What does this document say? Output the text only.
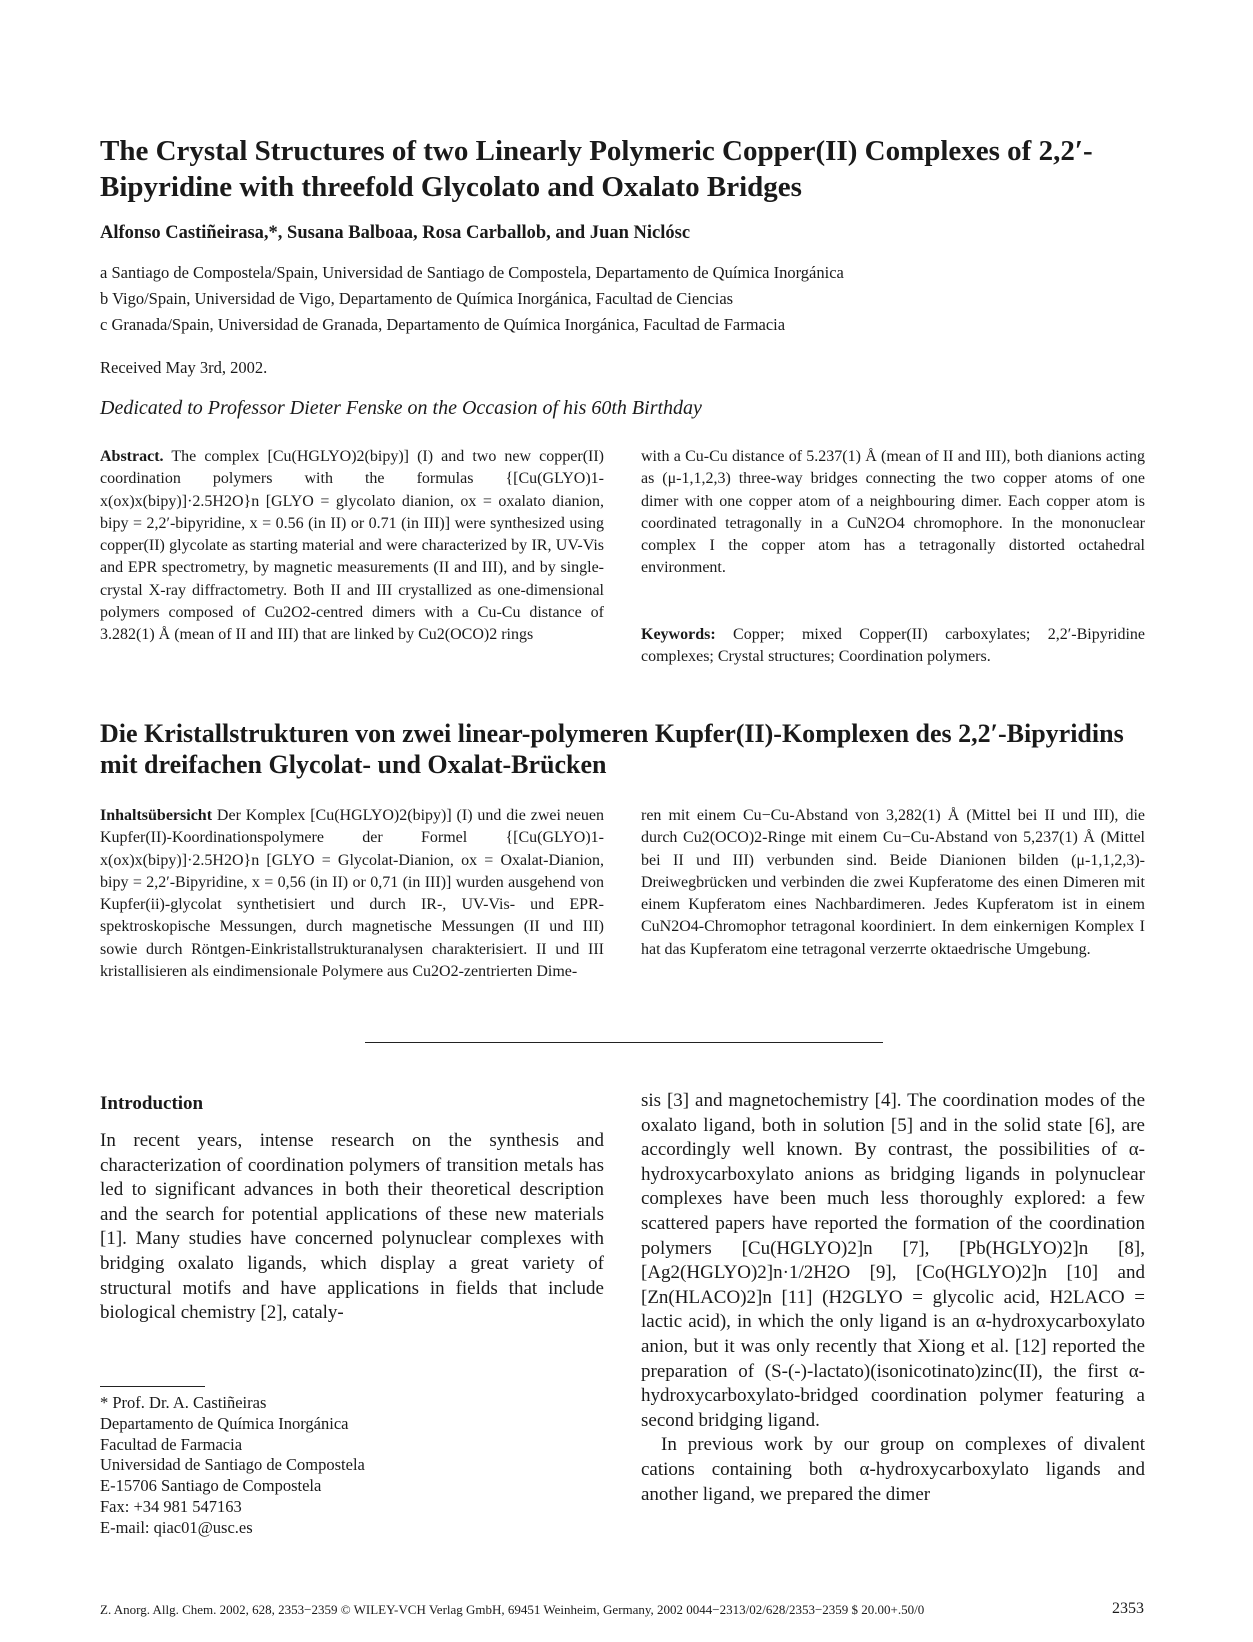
The Crystal Structures of two Linearly Polymeric Copper(II) Complexes of 2,2′-Bipyridine with threefold Glycolato and Oxalato Bridges
Alfonso Castiñeirasa,*, Susana Balboaa, Rosa Carballob, and Juan Niclósc
a Santiago de Compostela/Spain, Universidad de Santiago de Compostela, Departamento de Química Inorgánica
b Vigo/Spain, Universidad de Vigo, Departamento de Química Inorgánica, Facultad de Ciencias
c Granada/Spain, Universidad de Granada, Departamento de Química Inorgánica, Facultad de Farmacia
Received May 3rd, 2002.
Dedicated to Professor Dieter Fenske on the Occasion of his 60th Birthday
Abstract. The complex [Cu(HGLYO)2(bipy)] (I) and two new copper(II) coordination polymers with the formulas {[Cu(GLYO)1-x(ox)x(bipy)]·2.5H2O}n [GLYO = glycolato dianion, ox = oxalato dianion, bipy = 2,2′-bipyridine, x = 0.56 (in II) or 0.71 (in III)] were synthesized using copper(II) glycolate as starting material and were characterized by IR, UV-Vis and EPR spectrometry, by magnetic measurements (II and III), and by single-crystal X-ray diffractometry. Both II and III crystallized as one-dimensional polymers composed of Cu2O2-centred dimers with a Cu-Cu distance of 3.282(1) Å (mean of II and III) that are linked by Cu2(OCO)2 rings
with a Cu-Cu distance of 5.237(1) Å (mean of II and III), both dianions acting as (μ-1,1,2,3) three-way bridges connecting the two copper atoms of one dimer with one copper atom of a neighbouring dimer. Each copper atom is coordinated tetragonally in a CuN2O4 chromophore. In the mononuclear complex I the copper atom has a tetragonally distorted octahedral environment.
Keywords: Copper; mixed Copper(II) carboxylates; 2,2′-Bipyridine complexes; Crystal structures; Coordination polymers.
Die Kristallstrukturen von zwei linear-polymeren Kupfer(II)-Komplexen des 2,2′-Bipyridins mit dreifachen Glycolat- und Oxalat-Brücken
Inhaltsübersicht Der Komplex [Cu(HGLYO)2(bipy)] (I) und die zwei neuen Kupfer(II)-Koordinationspolymere der Formel {[Cu(GLYO)1-x(ox)x(bipy)]·2.5H2O}n [GLYO = Glycolat-Dianion, ox = Oxalat-Dianion, bipy = 2,2′-Bipyridine, x = 0,56 (in II) or 0,71 (in III)] wurden ausgehend von Kupfer(ii)-glycolat synthetisiert und durch IR-, UV-Vis- und EPR-spektroskopische Messungen, durch magnetische Messungen (II und III) sowie durch Röntgen-Einkristallstrukturanalysen charakterisiert. II und III kristallisieren als eindimensionale Polymere aus Cu2O2-zentrierten Dime-
ren mit einem Cu−Cu-Abstand von 3,282(1) Å (Mittel bei II und III), die durch Cu2(OCO)2-Ringe mit einem Cu−Cu-Abstand von 5,237(1) Å (Mittel bei II und III) verbunden sind. Beide Dianionen bilden (μ-1,1,2,3)-Dreiwegbrücken und verbinden die zwei Kupferatome des einen Dimeren mit einem Kupferatom eines Nachbardimeren. Jedes Kupferatom ist in einem CuN2O4-Chromophor tetragonal koordiniert. In dem einkernigen Komplex I hat das Kupferatom eine tetragonal verzerrte oktaedrische Umgebung.
Introduction
In recent years, intense research on the synthesis and characterization of coordination polymers of transition metals has led to significant advances in both their theoretical description and the search for potential applications of these new materials [1]. Many studies have concerned polynuclear complexes with bridging oxalato ligands, which display a great variety of structural motifs and have applications in fields that include biological chemistry [2], cataly-
sis [3] and magnetochemistry [4]. The coordination modes of the oxalato ligand, both in solution [5] and in the solid state [6], are accordingly well known. By contrast, the possibilities of α-hydroxycarboxylato anions as bridging ligands in polynuclear complexes have been much less thoroughly explored: a few scattered papers have reported the formation of the coordination polymers [Cu(HGLYO)2]n [7], [Pb(HGLYO)2]n [8], [Ag2(HGLYO)2]n·1/2H2O [9], [Co(HGLYO)2]n [10] and [Zn(HLACO)2]n [11] (H2GLYO = glycolic acid, H2LACO = lactic acid), in which the only ligand is an α-hydroxycarboxylato anion, but it was only recently that Xiong et al. [12] reported the preparation of (S-(-)-lactato)(isonicotinato)zinc(II), the first α-hydroxycarboxylato-bridged coordination polymer featuring a second bridging ligand.
In previous work by our group on complexes of divalent cations containing both α-hydroxycarboxylato ligands and another ligand, we prepared the dimer
* Prof. Dr. A. Castiñeiras
Departamento de Química Inorgánica
Facultad de Farmacia
Universidad de Santiago de Compostela
E-15706 Santiago de Compostela
Fax: +34 981 547163
E-mail: qiac01@usc.es
Z. Anorg. Allg. Chem. 2002, 628, 2353−2359 © WILEY-VCH Verlag GmbH, 69451 Weinheim, Germany, 2002 0044−2313/02/628/2353−2359 $ 20.00+.50/0	2353
